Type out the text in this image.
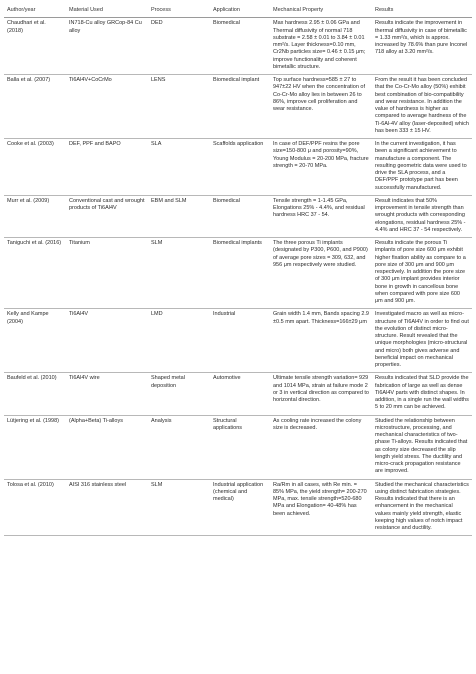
Author/year	Material Used	Process	Application	Mechanical Property	Results
Chaudhari et al. (2018)	IN718-Cu alloy GRCop-84 Cu alloy	DED	Biomedical	Max hardness 2.95 ± 0.06 GPa and Thermal diffusivity of normal 718 substrate = 2.58 ± 0.01 to 3.84 ± 0.01 mm²/s. Layer thickness=0.10 mm, Cr2Nb particles size= 0.46 ± 0.15 μm; improve functionality and coherent bimetallic structure.	Results indicate the improvement in thermal diffusivity in case of bimetallic = 1.33 mm²/s, which is approx. increased by 78.6% than pure Inconel 718 alloy at 3.20 mm²/s.
Balla et al. (2007)	Ti6Al4V+CoCrMo	LENS	Biomedical implant	Top surface hardness=585 ± 27 to 947±22 HV when the concentration of Co-Cr-Mo alloy lies in between 26 to 86%, improve cell proliferation and wear resistance.	From the result it has been concluded that the Co-Cr-Mo alloy (50%) exhibit best combination of bio-compatibility and wear resistance. In addition the value of hardness is higher as compared to average hardness of the Ti-6Al-4V alloy (laser-deposited) which has been 333 ± 15 HV.
Cooke et al. (2003)	DEF, PPF and BAPO	SLA	Scaffolds application	In case of DEF/PPF resins the pore size=150-800 μ and porosity=90%, Young Modulus = 20-200 MPa, fracture strength = 20-70 MPa.	In the current investigation, it has been a significant achievement to manufacture a component. The resulting geometric data were used to drive the SLA process, and a DEF/PPF prototype part has been successfully manufactured.
Murr et al. (2009)	Conventional cast and wrought products of Ti6Al4V	EBM and SLM	Biomedical	Tensile strength = 1-1.45 GPa, Elongations 25% - 4.4%, and residual hardness HRC 37 - 54.	Result indicates that 50% improvement in tensile strength than wrought products with corresponding elongations, residual hardness 25% - 4.4% and HRC 37 - 54 respectively.
Taniguchi et al. (2016)	Titanium	SLM	Biomedical implants	The three porous Ti implants (designated by P300, P600, and P900) of average pore sizes = 309, 632, and 956 μm respectively were studied.	Results indicate the porous Ti implants of pore size 600 μm exhibit higher fixation ability as compare to a pore size of 300 μm and 900 μm respectively. In addition the pore size of 300 μm implant provides interior bone in growth in cancellous bone when compared with pore size 600 μm and 900 μm.
Kelly and Kampe (2004)	Ti6Al4V	LMD	Industrial	Grain width 1.4 mm, Bands spacing 2.9 ±0.5 mm apart. Thickness=166±29 μm	Investigated macro as well as micro-structure of Ti6Al4V in order to find out the evolution of distinct micro-structure. Result revealed that the unique morphologies (micro-structural and micro) both gives adverse and beneficial impact on mechanical properties.
Baufeld et al. (2010)	Ti6Al4V wire	Shaped metal deposition	Automotive	Ultimate tensile strength variation= 929 and 1014 MPa, strain at failure mode 2 or 3 in vertical direction as compared to horizontal direction.	Results indicated that SLD provide the fabrication of large as well as dense Ti6Al4V parts with distinct shapes. In addition, in a single run the wall widths 5 to 20 mm can be achieved.
Lütjering et al. (1998)	(Alpha+Beta) Ti-alloys	Analysis	Structural applications	As cooling rate increased the colony size is decreased.	Studied the relationship between microstructure, processing, and mechanical characteristics of two-phase Ti-alloys. Results indicated that as colony size decreased the slip length yield stress. The ductility and micro-crack propagation resistance are improved.
Tolosa et al. (2010)	AISI 316 stainless steel	SLM	Industrial application (chemical and medical)	Ra/Rm in all cases, with Re min. = 85% MPa, the yield strength= 200-270 MPa, max. tensile strength=520-680 MPa and Elongation= 40-48% has been achieved.	Studied the mechanical characteristics using distinct fabrication strategies. Results indicated that there is an enhancement in the mechanical values mainly yield strength, elastic keeping high values of notch impact resistance and ductility.
